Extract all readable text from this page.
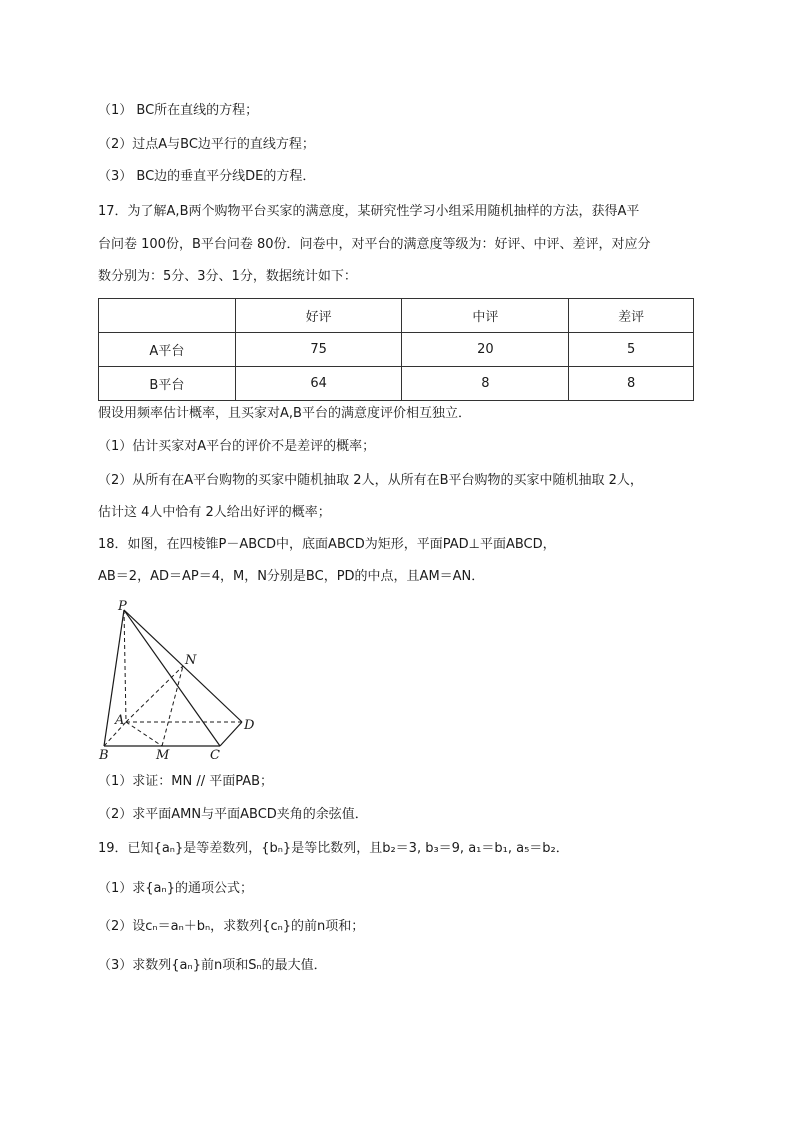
（1） BC所在直线的方程；
（2）过点A与BC边平行的直线方程；
（3） BC边的垂直平分线DE的方程．
17．为了解A,B两个购物平台买家的满意度，某研究性学习小组采用随机抽样的方法，获得A平
台问卷 100份，B平台问卷 80份．问卷中，对平台的满意度等级为：好评、中评、差评，对应分
数分别为：5分、3分、1分，数据统计如下：
	好评	中评	差评
A平台	75	20	5
B平台	64	8	8
假设用频率估计概率，且买家对A,B平台的满意度评价相互独立．
（1）估计买家对A平台的评价不是差评的概率；
（2）从所有在A平台购物的买家中随机抽取 2人，从所有在B平台购物的买家中随机抽取 2人，
估计这 4人中恰有 2人给出好评的概率；
18．如图，在四棱锥P－ABCD中，底面ABCD为矩形，平面PAD⊥平面ABCD，
AB＝2，AD＝AP＝4，M，N分别是BC，PD的中点，且AM＝AN．
P
N
A	D
B	M	C
（1）求证：MN // 平面PAB；
（2）求平面AMN与平面ABCD夹角的余弦值．
19．已知{aₙ}是等差数列，{bₙ}是等比数列，且b₂＝3, b₃＝9, a₁＝b₁, a₅＝b₂．
（1）求{aₙ}的通项公式；
（2）设cₙ＝aₙ＋bₙ，求数列{cₙ}的前n项和；
（3）求数列{aₙ}前n项和Sₙ的最大值．
